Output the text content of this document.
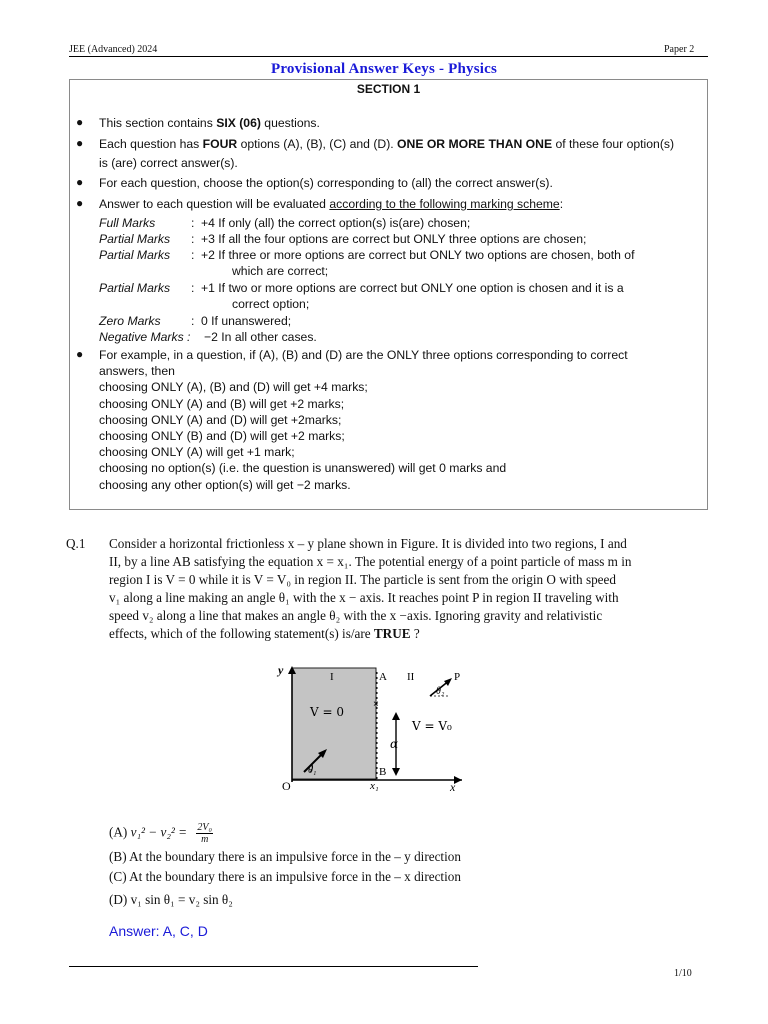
JEE (Advanced) 2024	Paper 2
Provisional Answer Keys - Physics
SECTION 1
● This section contains SIX (06) questions.
● Each question has FOUR options (A), (B), (C) and (D). ONE OR MORE THAN ONE of these four option(s)
is (are) correct answer(s).
● For each question, choose the option(s) corresponding to (all) the correct answer(s).
● Answer to each question will be evaluated according to the following marking scheme:
Full Marks	: +4 If only (all) the correct option(s) is(are) chosen;
Partial Marks : +3 If all the four options are correct but ONLY three options are chosen;
Partial Marks : +2 If three or more options are correct but ONLY two options are chosen, both of
which are correct;
Partial Marks : +1 If two or more options are correct but ONLY one option is chosen and it is a
correct option;
Zero Marks : 0 If unanswered;
Negative Marks : −2 In all other cases.
● For example, in a question, if (A), (B) and (D) are the ONLY three options corresponding to correct
answers, then
choosing ONLY (A), (B) and (D) will get +4 marks;
choosing ONLY (A) and (B) will get +2 marks;
choosing ONLY (A) and (D) will get +2marks;
choosing ONLY (B) and (D) will get +2 marks;
choosing ONLY (A) will get +1 mark;
choosing no option(s) (i.e. the question is unanswered) will get 0 marks and
choosing any other option(s) will get −2 marks.
Q.1 Consider a horizontal frictionless x – y plane shown in Figure. It is divided into two regions, I and
II, by a line AB satisfying the equation x = x₁. The potential energy of a point particle of mass m in
region I is V = 0 while it is V = V₀ in region II. The particle is sent from the origin O with speed
v₁ along a line making an angle θ₁ with the x − axis. It reaches point P in region II traveling with
speed v₂ along a line that makes an angle θ₂ with the x −axis. Ignoring gravity and relativistic
effects, which of the following statement(s) is/are TRUE ?
×
y
x
O
I	A II	P
θ₂
V = 0
V = V₀
α
B
θ₁
x₁
(A) $v_1^2 - v_2^2 = \frac{\text{2V₀}}{m}$
(B) At the boundary there is an impulsive force in the – y direction
(C) At the boundary there is an impulsive force in the – x direction
(D) v₁ sin θ₁ = v₂ sin θ₂
Answer: A, C, D
1/10
